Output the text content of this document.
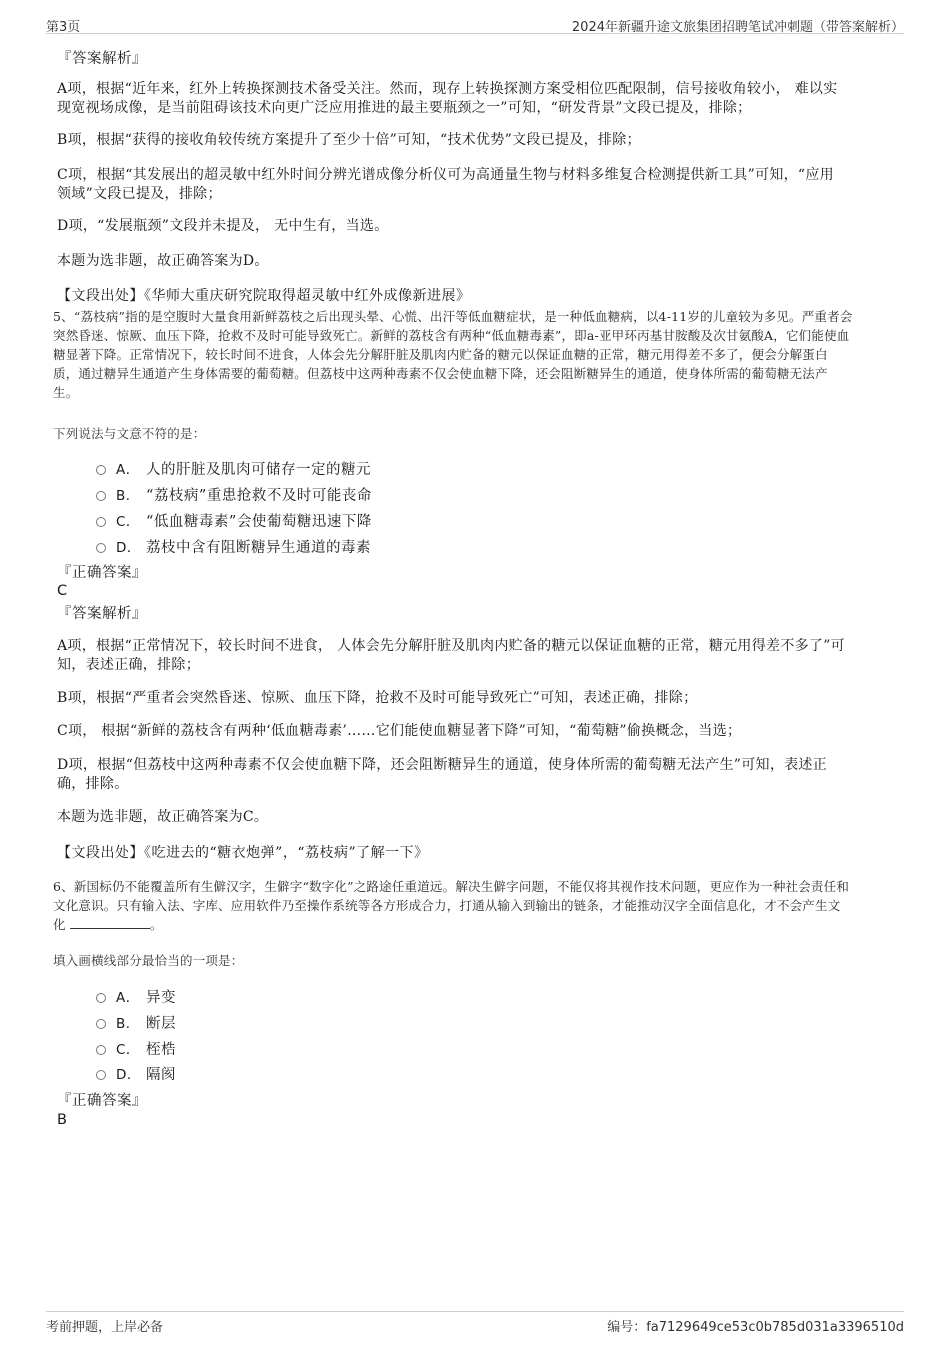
第3页	2024年新疆升途文旅集团招聘笔试冲刺题（带答案解析）
『答案解析』
A项，根据“近年来，红外上转换探测技术备受关注。然而，现存上转换探测方案受相位匹配限制，信号接收角较小， 难以实
现宽视场成像，是当前阻碍该技术向更广泛应用推进的最主要瓶颈之一”可知，“研发背景”文段已提及，排除；
B项，根据“获得的接收角较传统方案提升了至少十倍”可知，“技术优势”文段已提及，排除；
C项，根据“其发展出的超灵敏中红外时间分辨光谱成像分析仪可为高通量生物与材料多维复合检测提供新工具”可知，“应用
领域”文段已提及，排除；
D项，“发展瓶颈”文段并未提及， 无中生有，当选。
本题为选非题，故正确答案为D。
【文段出处】《华师大重庆研究院取得超灵敏中红外成像新进展》
5、“荔枝病”指的是空腹时大量食用新鲜荔枝之后出现头晕、心慌、出汗等低血糖症状，是一种低血糖病，以4-11岁的儿童较为多见。严重者会
突然昏迷、惊厥、血压下降，抢救不及时可能导致死亡。新鲜的荔枝含有两种“低血糖毒素”，即a-亚甲环丙基甘胺酸及次甘氨酸A，它们能使血
糖显著下降。正常情况下，较长时间不进食，人体会先分解肝脏及肌肉内贮备的糖元以保证血糖的正常，糖元用得差不多了，便会分解蛋白
质，通过糖异生通道产生身体需要的葡萄糖。但荔枝中这两种毒素不仅会使血糖下降，还会阻断糖异生的通道，使身体所需的葡萄糖无法产
生。
下列说法与文意不符的是：
A． 人的肝脏及肌肉可储存一定的糖元
B． “荔枝病”重患抢救不及时可能丧命
C． “低血糖毒素”会使葡萄糖迅速下降
D． 荔枝中含有阻断糖异生通道的毒素
『正确答案』
C
『答案解析』
A项，根据“正常情况下，较长时间不进食， 人体会先分解肝脏及肌肉内贮备的糖元以保证血糖的正常，糖元用得差不多了”可
知，表述正确，排除；
B项，根据“严重者会突然昏迷、惊厥、血压下降，抢救不及时可能导致死亡”可知，表述正确，排除；
C项， 根据“新鲜的荔枝含有两种‘低血糖毒素’……它们能使血糖显著下降”可知，“葡萄糖”偷换概念，当选；
D项，根据“但荔枝中这两种毒素不仅会使血糖下降，还会阻断糖异生的通道，使身体所需的葡萄糖无法产生”可知，表述正
确，排除。
本题为选非题，故正确答案为C。
【文段出处】《吃进去的“糖衣炮弹”，“荔枝病”了解一下》
6、新国标仍不能覆盖所有生僻汉字，生僻字“数字化”之路途任重道远。解决生僻字问题，不能仅将其视作技术问题，更应作为一种社会责任和
文化意识。只有输入法、字库、应用软件乃至操作系统等各方形成合力，打通从输入到输出的链条，才能推动汉字全面信息化，才不会产生文
化	。
填入画横线部分最恰当的一项是：
A． 异变
B． 断层
C． 桎梏
D． 隔阂
『正确答案』
B
考前押题，上岸必备	编号：fa7129649ce53c0b785d031a3396510d
